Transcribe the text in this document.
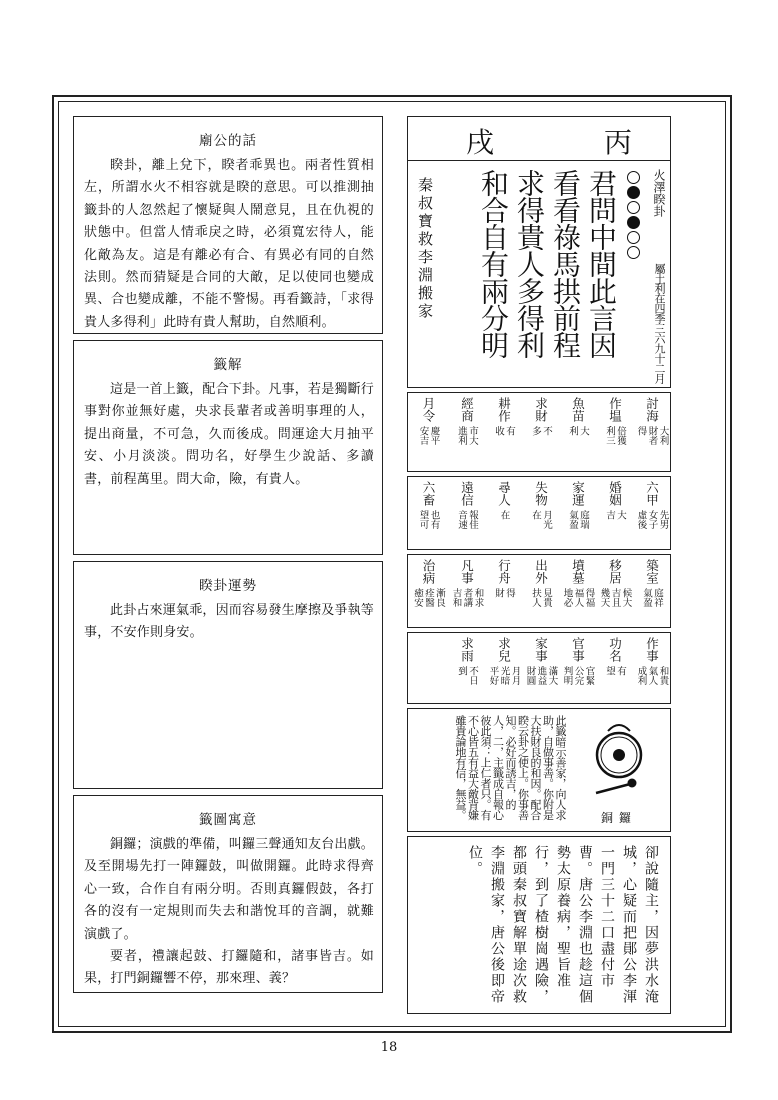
廟公的話

睽卦，離上兌下，睽者乖異也。兩者性質相左，所謂水火不相容就是睽的意思。可以推測抽籤卦的人忽然起了懷疑與人鬧意見，且在仇視的狀態中。但當人情乖戾之時，必須寬宏待人，能化敵為友。這是有離必有合、有異必有同的自然法則。然而猜疑是合同的大敵，足以使同也變成異、合也變成離，不能不警惕。再看籤詩，「求得貴人多得利」此時有貴人幫助，自然順利。

籤解

這是一首上籤，配合下卦。凡事，若是獨斷行事對你並無好處，央求長輩者或善明事理的人，提出商量，不可急，久而後成。問運途大月抽平安、小月淡淡。問功名，好學生少說話、多讀書，前程萬里。問大命，險，有貴人。

睽卦運勢

此卦占來運氣乖，因而容易發生摩擦及爭執等事，不安作則身安。

籤圖寓意

銅鑼；演戲的準備，叫鑼三聲通知友台出戲。及至開場先打一陣鑼鼓，叫做開鑼。此時求得齊心一致，合作自有兩分明。否則真鑼假鼓，各打各的沒有一定規則而失去和諧悅耳的音調，就難演戲了。

要者，禮讓起鼓、打鑼隨和，諸事皆吉。如果，打門銅鑼響不停，那來理、義？

丙
戌
火澤睽卦
屬土利在四季三六九十二月
君問中間此言因
看看祿馬拱前程
求得貴人多得利
和合自有兩分明
秦叔寶救李淵搬家
討海
大利
財者
得
作塭
倍獲
利三
魚苗
大
利
求財
不
多
耕作
有
收
經商
市大
進利
月令
慶平
安吉
六甲
先男
女子
虛後
婚姻
大
吉
家運
庭瑞
氣盈
失物
月光
在
尋人
在
遠信
報佳
音速
六畜
也有
望可
築室
庭祥
氣盈
移居
候大
吉且
幾天
墳墓
得福
福人
地必
出外
見貴
扶人
行舟
得
財
凡事
和求
者講
吉和
治病
漸良
痊醫
癒安
作事
和貴
氣人
成利
功名
有
望
官事
官緊
公完
判明
家事
滿大
進益
財圓
求兒
月月
光暗
平好
求雨
不日
到
銅鑼
此籤暗示善家，向人求助，自做事善。你附是大扶財良的和因。配合睽云卦之使上。你事善知。必好而誘吉，的人，二，主籤成自報心彼此須：上仁者只。有不心皆五有益大敵背嫌雖貴論地有信，無益。
卻說隨主，因夢洪水淹城，心疑而把鄖公李渾一門三十二口盡付市曹。唐公李淵也趁這個勢太原養病，聖旨准行，到了楂樹崗遇險，都頭秦叔寶解單途次救李淵搬家，唐公後即帝位。
18
